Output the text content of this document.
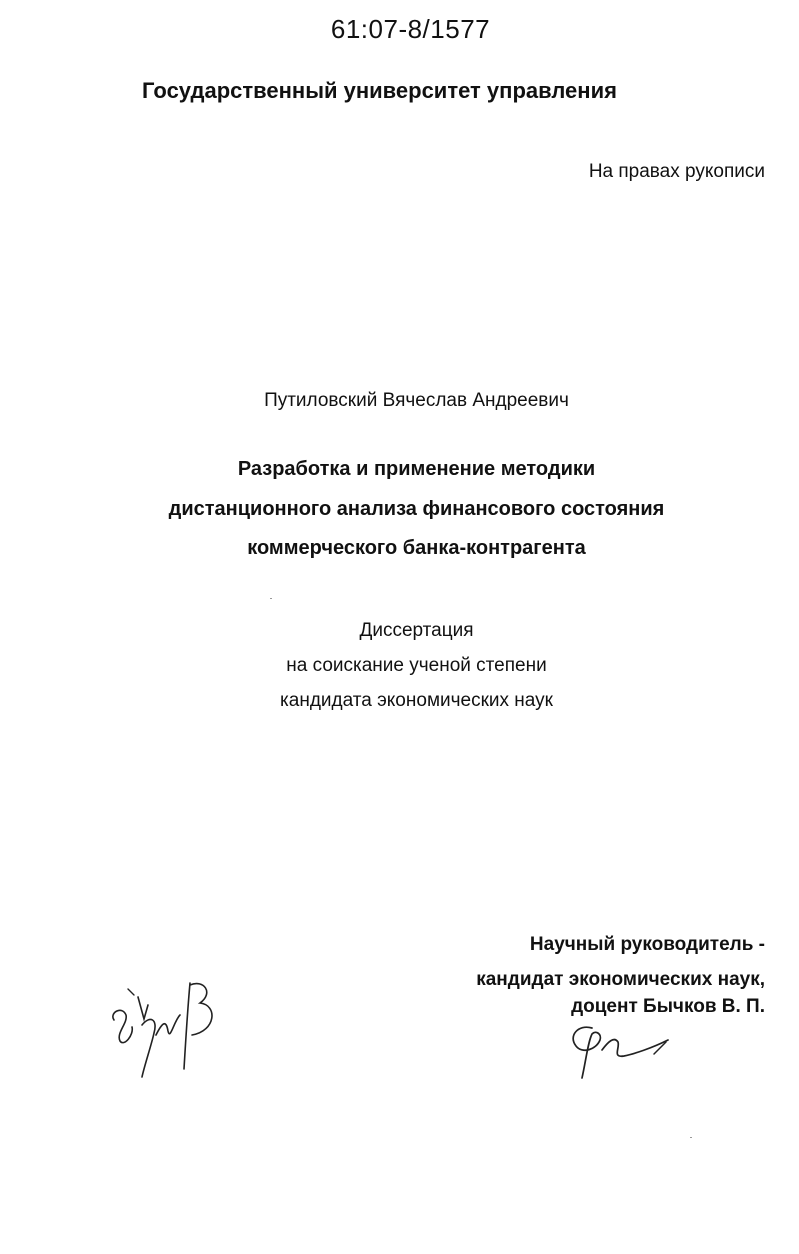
61:07-8/1577
Государственный университет управления
На правах рукописи
Путиловский Вячеслав Андреевич
Разработка и применение методики
дистанционного анализа финансового состояния
коммерческого банка-контрагента
Диссертация
на соискание ученой степени
кандидата экономических наук
Научный руководитель -
кандидат экономических наук,
доцент Бычков В. П.
